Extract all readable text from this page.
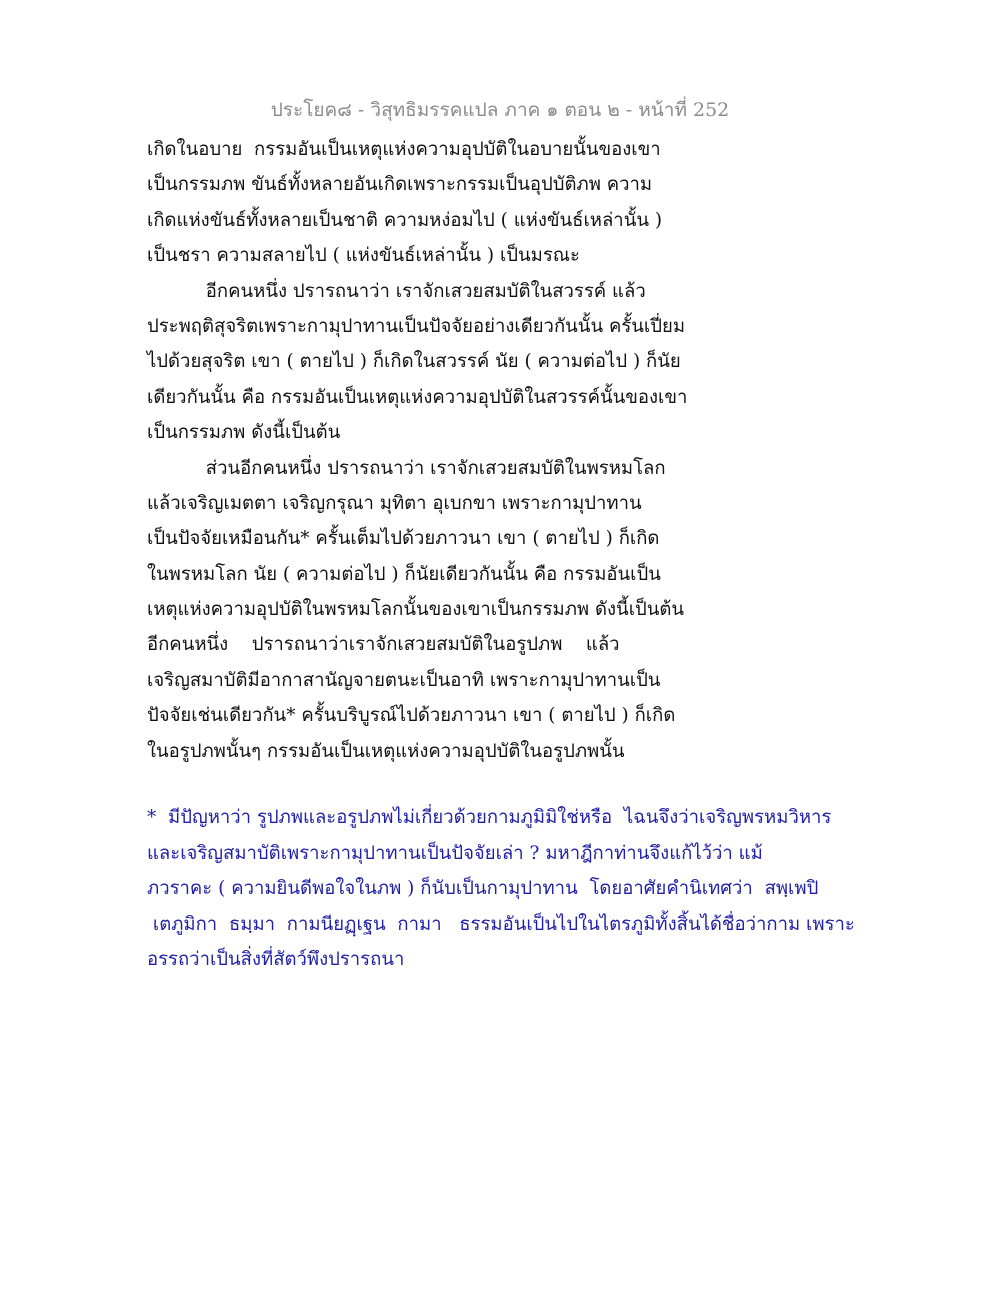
ประโยค๘ - วิสุทธิมรรคแปล ภาค ๑ ตอน ๒ - หน้าที่ 252
เกิดในอบาย  กรรมอันเป็นเหตุแห่งความอุปบัติในอบายนั้นของเขา
เป็นกรรมภพ ขันธ์ทั้งหลายอันเกิดเพราะกรรมเป็นอุปบัติภพ ความ
เกิดแห่งขันธ์ทั้งหลายเป็นชาติ ความหง่อมไป ( แห่งขันธ์เหล่านั้น )
เป็นชรา ความสลายไป ( แห่งขันธ์เหล่านั้น ) เป็นมรณะ
อีกคนหนึ่ง ปรารถนาว่า เราจักเสวยสมบัติในสวรรค์ แล้ว
ประพฤติสุจริตเพราะกามุปาทานเป็นปัจจัยอย่างเดียวกันนั้น ครั้นเปี่ยม
ไปด้วยสุจริต เขา ( ตายไป ) ก็เกิดในสวรรค์ นัย ( ความต่อไป ) ก็นัย
เดียวกันนั้น คือ กรรมอันเป็นเหตุแห่งความอุปบัติในสวรรค์นั้นของเขา
เป็นกรรมภพ ดังนี้เป็นต้น
ส่วนอีกคนหนึ่ง ปรารถนาว่า เราจักเสวยสมบัติในพรหมโลก
แล้วเจริญเมตตา เจริญกรุณา มุทิตา อุเบกขา เพราะกามุปาทาน
เป็นปัจจัยเหมือนกัน* ครั้นเต็มไปด้วยภาวนา เขา ( ตายไป ) ก็เกิด
ในพรหมโลก นัย ( ความต่อไป ) ก็นัยเดียวกันนั้น คือ กรรมอันเป็น
เหตุแห่งความอุปบัติในพรหมโลกนั้นของเขาเป็นกรรมภพ ดังนี้เป็นต้น
อีกคนหนึ่ง    ปรารถนาว่าเราจักเสวยสมบัติในอรูปภพ    แล้ว
เจริญสมาบัติมีอากาสานัญจายตนะเป็นอาทิ เพราะกามุปาทานเป็น
ปัจจัยเช่นเดียวกัน* ครั้นบริบูรณ์ไปด้วยภาวนา เขา ( ตายไป ) ก็เกิด
ในอรูปภพนั้นๆ กรรมอันเป็นเหตุแห่งความอุปบัติในอรูปภพนั้น
*  มีปัญหาว่า รูปภพและอรูปภพไม่เกี่ยวด้วยกามภูมิมิใช่หรือ  ไฉนจึงว่าเจริญพรหมวิหาร
และเจริญสมาบัติเพราะกามุปาทานเป็นปัจจัยเล่า ? มหาฎีกาท่านจึงแก้ไว้ว่า แม้
ภวราคะ ( ความยินดีพอใจในภพ ) ก็นับเป็นกามุปาทาน  โดยอาศัยคำนิเทศว่า  สพฺเพปิ
เตภูมิกา  ธมฺมา  กามนียฏฺเฐน  กามา   ธรรมอันเป็นไปในไตรภูมิทั้งสิ้นได้ชื่อว่ากาม เพราะ
อรรถว่าเป็นสิ่งที่สัตว์พึงปรารถนา
